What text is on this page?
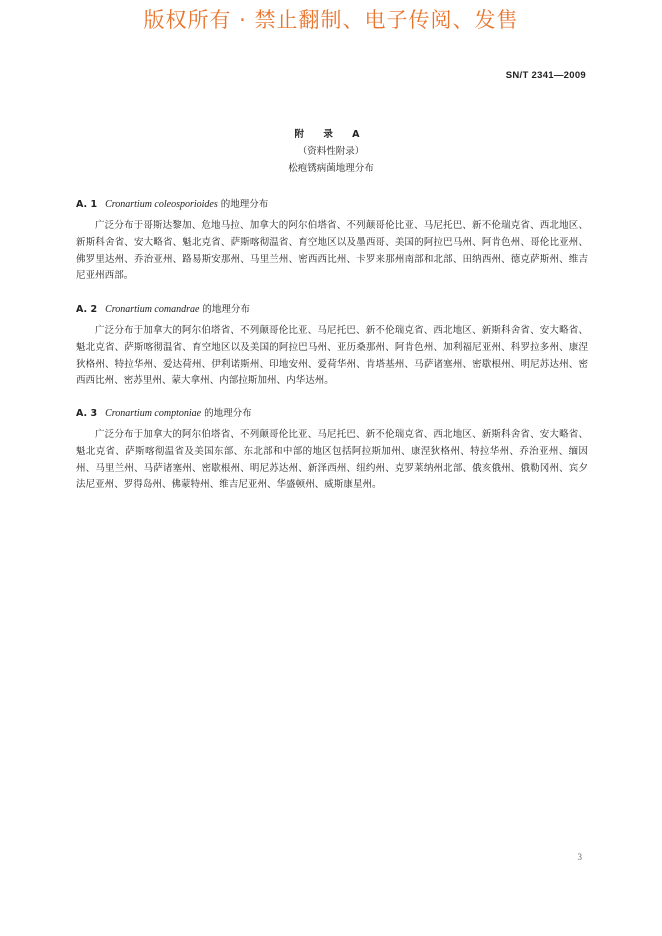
版权所有 · 禁止翻制、电子传阅、发售
SN/T 2341—2009
附 录 A
（资料性附录）
松疱锈病菌地理分布
A. 1 Cronartium coleosporioides 的地理分布
广泛分布于哥斯达黎加、危地马拉、加拿大的阿尔伯塔省、不列颠哥伦比亚、马尼托巴、新不伦瑞克省、西北地区、新斯科舍省、安大略省、魁北克省、萨斯喀彻温省、育空地区以及墨西哥、美国的阿拉巴马州、阿肯色州、哥伦比亚州、佛罗里达州、乔治亚州、路易斯安那州、马里兰州、密西西比州、卡罗来那州南部和北部、田纳西州、德克萨斯州、维吉尼亚州西部。
A. 2 Cronartium comandrae 的地理分布
广泛分布于加拿大的阿尔伯塔省、不列颠哥伦比亚、马尼托巴、新不伦瑞克省、西北地区、新斯科舍省、安大略省、魁北克省、萨斯喀彻温省、育空地区以及美国的阿拉巴马州、亚历桑那州、阿肯色州、加利福尼亚州、科罗拉多州、康涅狄格州、特拉华州、爱达荷州、伊利诺斯州、印地安州、爱荷华州、肯塔基州、马萨诸塞州、密歇根州、明尼苏达州、密西西比州、密苏里州、蒙大拿州、内部拉斯加州、内华达州。
A. 3 Cronartium comptoniae 的地理分布
广泛分布于加拿大的阿尔伯塔省、不列颠哥伦比亚、马尼托巴、新不伦瑞克省、西北地区、新斯科舍省、安大略省、魁北克省、萨斯喀彻温省及美国东部、东北部和中部的地区包括阿拉斯加州、康涅狄格州、特拉华州、乔治亚州、缅因州、马里兰州、马萨诸塞州、密歇根州、明尼苏达州、新泽西州、纽约州、克罗莱纳州北部、俄亥俄州、俄勒冈州、宾夕法尼亚州、罗得岛州、佛蒙特州、维吉尼亚州、华盛顿州、威斯康星州。
3
